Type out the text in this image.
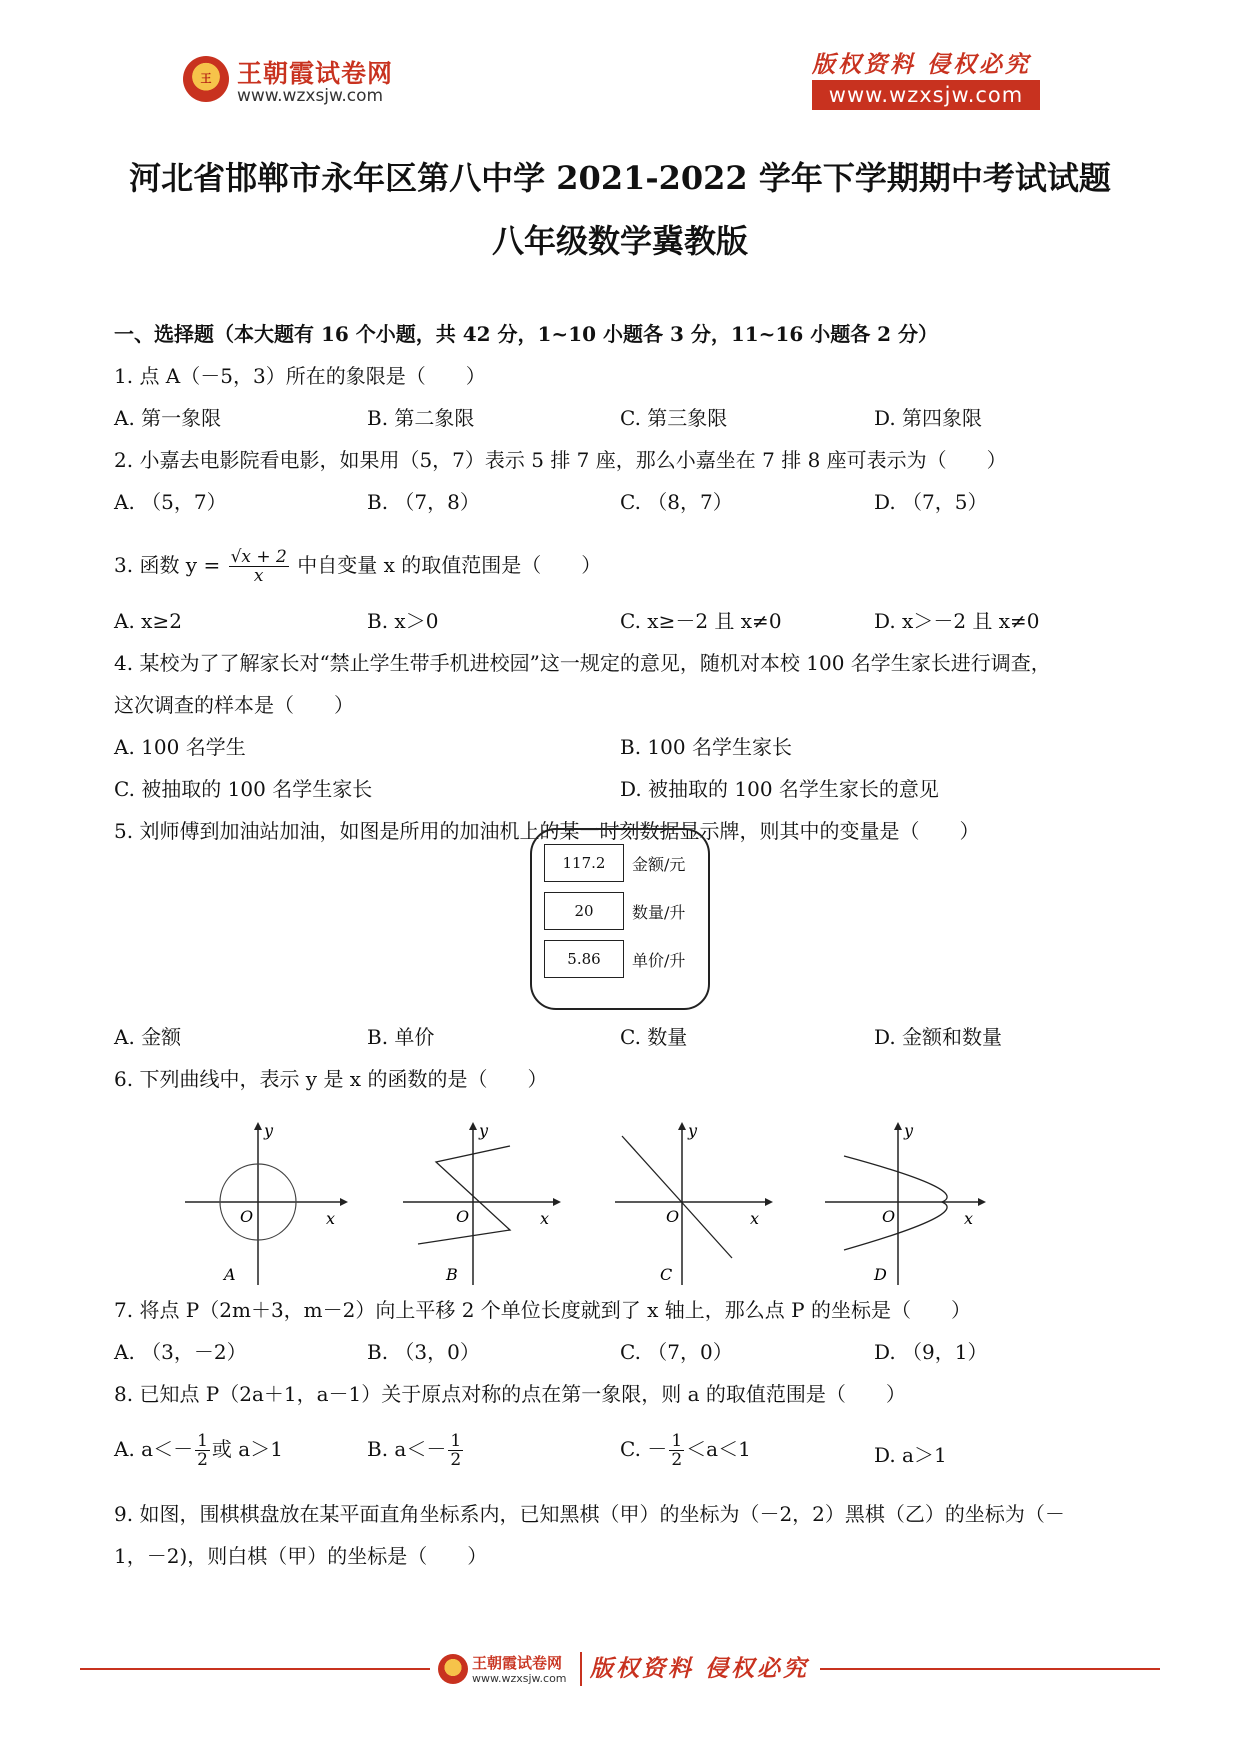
王	王朝霞试卷网
www.wzxsjw.com
版权资料 侵权必究
www.wzxsjw.com
河北省邯郸市永年区第八中学 2021-2022 学年下学期期中考试试题
八年级数学冀教版
一、选择题（本大题有 16 个小题，共 42 分，1~10 小题各 3 分，11~16 小题各 2 分）
1. 点 A（－5，3）所在的象限是（　　）
A. 第一象限	B. 第二象限	C. 第三象限	D. 第四象限
2. 小嘉去电影院看电影，如果用（5，7）表示 5 排 7 座，那么小嘉坐在 7 排 8 座可表示为（　　）
A. （5，7）	B. （7，8）	C. （8，7）	D. （7，5）
3. 函数 $y = \frac{√x + 2}{x}$ 中自变量 x 的取值范围是（　　）
A. x≥2	B. x＞0	C. x≥－2 且 x≠0	D. x＞－2 且 x≠0
4. 某校为了了解家长对“禁止学生带手机进校园”这一规定的意见，随机对本校 100 名学生家长进行调查，
这次调查的样本是（　　）
A. 100 名学生	B. 100 名学生家长
C. 被抽取的 100 名学生家长	D. 被抽取的 100 名学生家长的意见
5. 刘师傅到加油站加油，如图是所用的加油机上的某一时刻数据显示牌，则其中的变量是（　　）
117.2	金额/元
20	数量/升
5.86	单价/升
A. 金额	B. 单价	C. 数量	D. 金额和数量
6. 下列曲线中，表示 y 是 x 的函数的是（　　）
y
x
O
A
y
x
O
B
y
x
O
C
y
x
O
D
7. 将点 P（2m＋3，m－2）向上平移 2 个单位长度就到了 x 轴上，那么点 P 的坐标是（　　）
A. （3，－2）	B. （3，0）	C. （7，0）	D. （9，1）
8. 已知点 P（2a＋1，a－1）关于原点对称的点在第一象限，则 a 的取值范围是（　　）
A. $a<- \frac{1}{2}$ 或 a＞1	B. $a<- \frac{1}{2}$	C. － $\frac{1}{2} <a<1$	D. a＞1
9. 如图，围棋棋盘放在某平面直角坐标系内，已知黑棋（甲）的坐标为（－2，2）黑棋（乙）的坐标为（－
1，－2)，则白棋（甲）的坐标是（　　）
王朝霞试卷网
www.wzxsjw.com 版权资料 侵权必究
